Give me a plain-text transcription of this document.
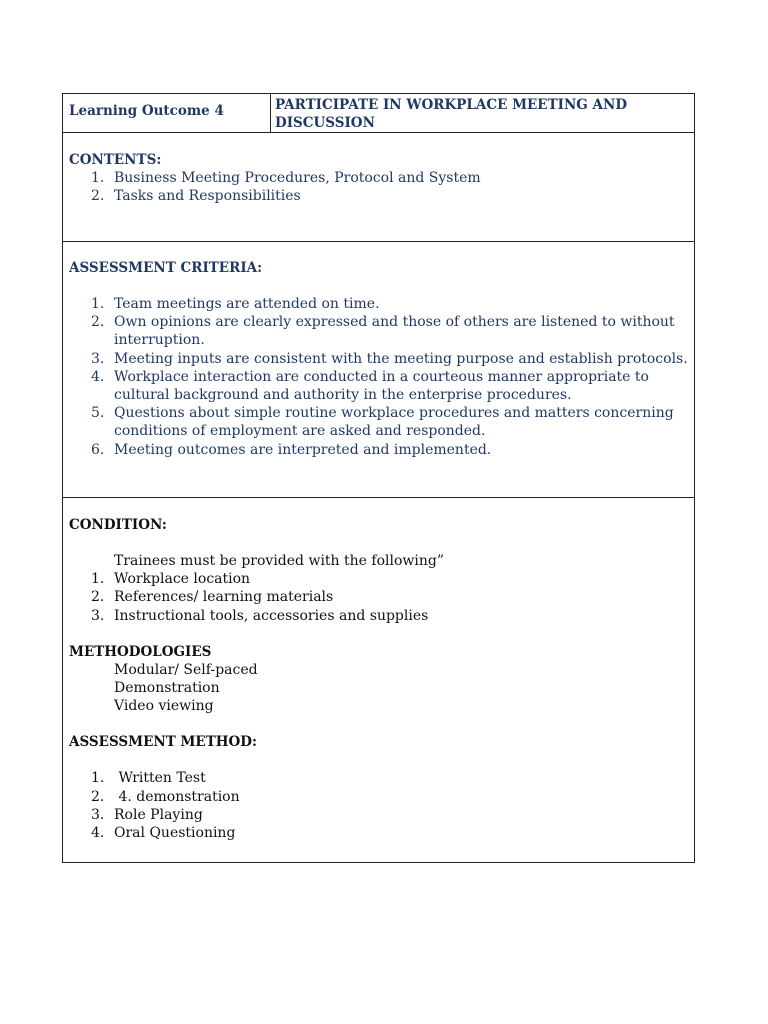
Learning Outcome 4	PARTICIPATE IN WORKPLACE MEETING AND DISCUSSION

CONTENTS:

1. Business Meeting Procedures, Protocol and System
2. Tasks and Responsibilities

ASSESSMENT CRITERIA:

1. Team meetings are attended on time.
2. Own opinions are clearly expressed and those of others are listened to without interruption.
3. Meeting inputs are consistent with the meeting purpose and establish protocols.
4. Workplace interaction are conducted in a courteous manner appropriate to cultural background and authority in the enterprise procedures.
5. Questions about simple routine workplace procedures and matters concerning conditions of employment are asked and responded.
6. Meeting outcomes are interpreted and implemented.

CONDITION:

Trainees must be provided with the following”
1. Workplace location
2. References/ learning materials
3. Instructional tools, accessories and supplies

METHODOLOGIES

Modular/ Self-paced
Demonstration
Video viewing

ASSESSMENT METHOD:

1. Written Test
2. 4. demonstration
3. Role Playing
4. Oral Questioning
